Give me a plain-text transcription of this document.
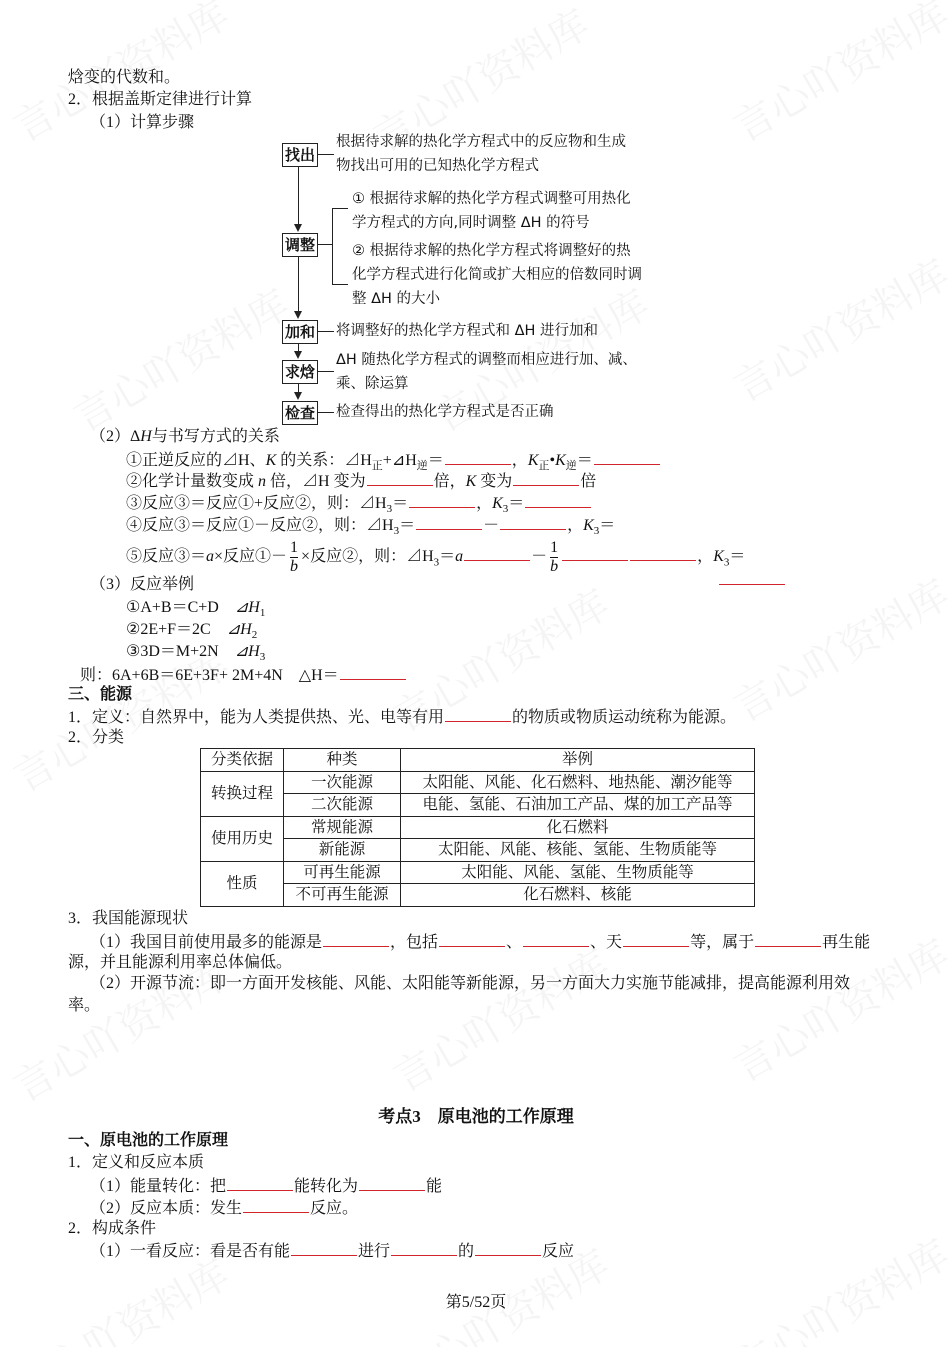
焓变的代数和。
2．根据盖斯定律进行计算
（1）计算步骤
（2）ΔH与书写方式的关系
①正逆反应的⊿H、K 的关系：$⊿H_正+⊿H_逆=$	，$K_正•K_逆=$
②化学计量数变成 n 倍，⊿H 变为	倍，K 变为	倍
③反应③＝反应①+反应②，则：$⊿H_3=$	，$K_3=$
④反应③＝反应①－反应②，则：$⊿H_3=$	－	，$K_3=$
⑤反应③＝a×反应①－ $\frac{1}{b}$ ×反应②，则：$⊿H_3=a$	－ $\frac{1}{b}$	，$K_3=$
（3）反应举例
①A+B＝C+D　$⊿H_1$
②2E+F＝2C　$⊿H_2$
③3D＝M+2N　$⊿H_3$
则：6A+6B＝6E+3F+ 2M+4N　△H＝
三、能源
1．定义：自然界中，能为人类提供热、光、电等有用	的物质或物质运动统称为能源。
2．分类
3．我国能源现状
（1）我国目前使用最多的能源是	，包括	、	、天	等，属于	再生能
源，并且能源利用率总体偏低。
（2）开源节流：即一方面开发核能、风能、太阳能等新能源，另一方面大力实施节能减排，提高能源利用效
率。
考点3　原电池的工作原理
一、原电池的工作原理
1．定义和反应本质
（1）能量转化：把	能转化为	能
（2）反应本质：发生	反应。
2．构成条件
（1）一看反应：看是否有能	进行	的	反应
第5/52页
找出
调整
加和
求焓
检查
根据待求解的热化学方程式中的反应物和生成
物找出可用的已知热化学方程式
① 根据待求解的热化学方程式调整可用热化
学方程式的方向,同时调整 ΔH 的符号
② 根据待求解的热化学方程式将调整好的热
化学方程式进行化简或扩大相应的倍数同时调
整 ΔH 的大小
将调整好的热化学方程式和 ΔH 进行加和
ΔH 随热化学方程式的调整而相应进行加、减、
乘、除运算
检查得出的热化学方程式是否正确
分类依据	种类	举例
转换过程	一次能源	太阳能、风能、化石燃料、地热能、潮汐能等
	二次能源	电能、氢能、石油加工产品、煤的加工产品等
使用历史	常规能源	化石燃料
	新能源	太阳能、风能、核能、氢能、生物质能等
性质	可再生能源	太阳能、风能、氢能、生物质能等
	不可再生能源	化石燃料、核能
